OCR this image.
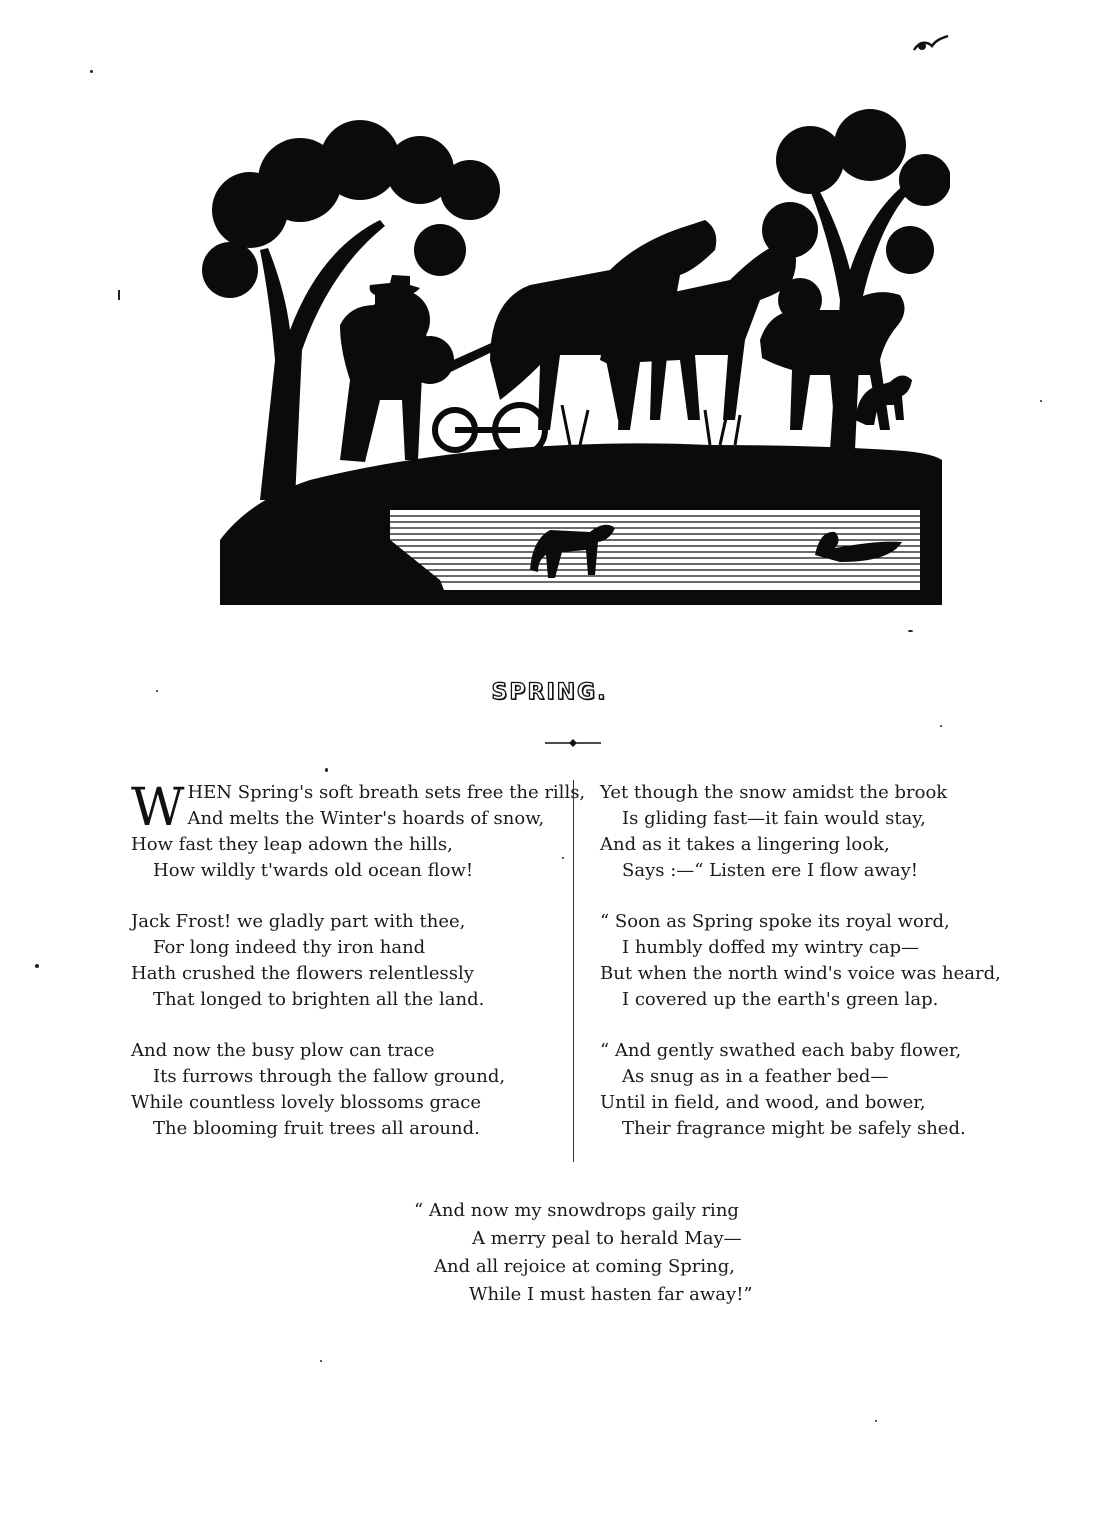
SPRING.
W HEN Spring's soft breath sets free the rills,
And melts the Winter's hoards of snow,
How fast they leap adown the hills,
How wildly t'wards old ocean flow!
Jack Frost! we gladly part with thee,
For long indeed thy iron hand
Hath crushed the flowers relentlessly
That longed to brighten all the land.
And now the busy plow can trace
Its furrows through the fallow ground,
While countless lovely blossoms grace
The blooming fruit trees all around.
Yet though the snow amidst the brook
Is gliding fast—it fain would stay,
And as it takes a lingering look,
Says :—“ Listen ere I flow away!
“ Soon as Spring spoke its royal word,
I humbly doffed my wintry cap—
But when the north wind's voice was heard,
I covered up the earth's green lap.
“ And gently swathed each baby flower,
As snug as in a feather bed—
Until in field, and wood, and bower,
Their fragrance might be safely shed.
“ And now my snowdrops gaily ring
A merry peal to herald May—
And all rejoice at coming Spring,
While I must hasten far away!”
